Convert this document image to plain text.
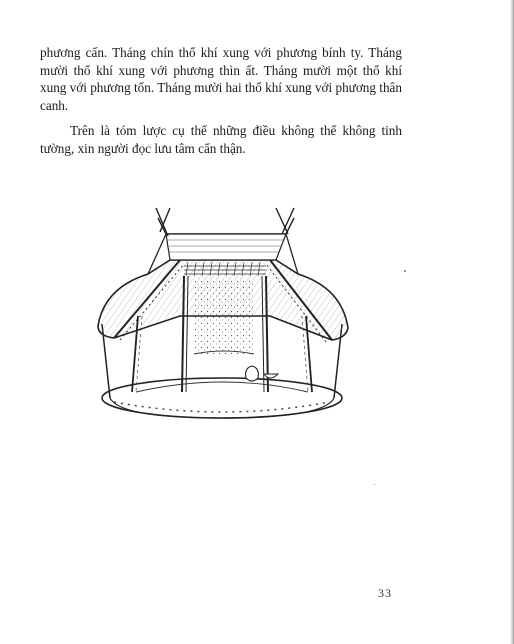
phương cấn. Tháng chín thổ khí xung với phương bính ty. Tháng mười thổ khí xung với phương thìn ất. Tháng mười một thổ khí xung với phương tốn. Tháng mười hai thổ khí xung với phương thân canh.

Trên là tóm lược cụ thể những điều không thể không tinh tường, xin người đọc lưu tâm cẩn thận.

33
